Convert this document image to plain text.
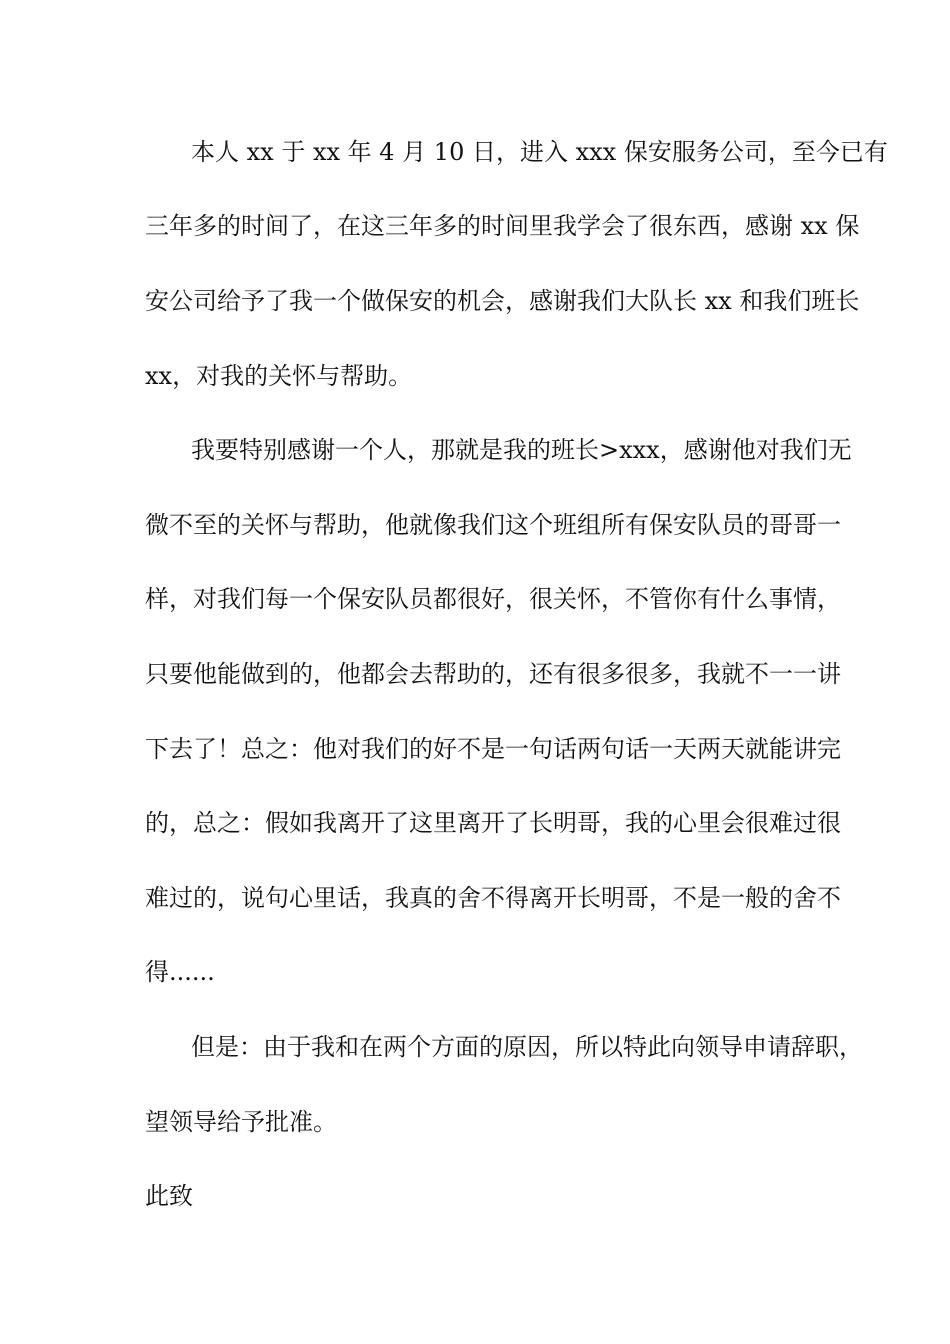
本人 xx 于 xx 年 4 月 10 日，进入 xxx 保安服务公司，至今已有
三年多的时间了，在这三年多的时间里我学会了很东西，感谢 xx 保
安公司给予了我一个做保安的机会，感谢我们大队长 xx 和我们班长
xx，对我的关怀与帮助。
我要特别感谢一个人，那就是我的班长>xxx，感谢他对我们无
微不至的关怀与帮助，他就像我们这个班组所有保安队员的哥哥一
样，对我们每一个保安队员都很好，很关怀，不管你有什么事情，
只要他能做到的，他都会去帮助的，还有很多很多，我就不一一讲
下去了！总之：他对我们的好不是一句话两句话一天两天就能讲完
的，总之：假如我离开了这里离开了长明哥，我的心里会很难过很
难过的，说句心里话，我真的舍不得离开长明哥，不是一般的舍不
得......
但是：由于我和在两个方面的原因，所以特此向领导申请辞职，
望领导给予批准。
此致
